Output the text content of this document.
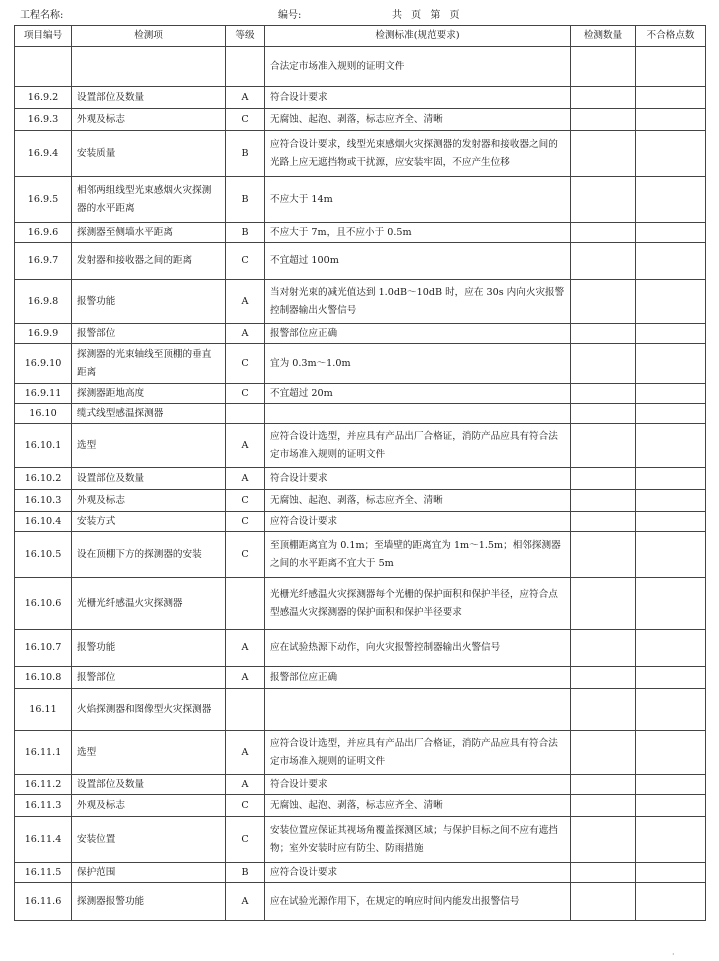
工程名称:	编号:	共 页 第 页
项目编号	检测项	等级	检测标准(规范要求)	检测数量	不合格点数
			合法定市场准入规则的证明文件		
16.9.2	设置部位及数量	A	符合设计要求		
16.9.3	外观及标志	C	无腐蚀、起泡、剥落，标志应齐全、清晰		
16.9.4	安装质量	B	应符合设计要求，线型光束感烟火灾探测器的发射器和接收器之间的光路上应无遮挡物或干扰源，应安装牢固，不应产生位移		
16.9.5	相邻两组线型光束感烟火灾探测器的水平距离	B	不应大于 14m		
16.9.6	探测器至侧墙水平距离	B	不应大于 7m，且不应小于 0.5m		
16.9.7	发射器和接收器之间的距离	C	不宜超过 100m		
16.9.8	报警功能	A	当对射光束的减光值达到 1.0dB～10dB 时，应在 30s 内向火灾报警控制器输出火警信号		
16.9.9	报警部位	A	报警部位应正确		
16.9.10	探测器的光束轴线至顶棚的垂直距离	C	宜为 0.3m～1.0m		
16.9.11	探测器距地高度	C	不宜超过 20m		
16.10	缆式线型感温探测器				
16.10.1	选型	A	应符合设计选型，并应具有产品出厂合格证，消防产品应具有符合法定市场准入规则的证明文件		
16.10.2	设置部位及数量	A	符合设计要求		
16.10.3	外观及标志	C	无腐蚀、起泡、剥落，标志应齐全、清晰		
16.10.4	安装方式	C	应符合设计要求		
16.10.5	设在顶棚下方的探测器的安装	C	至顶棚距离宜为 0.1m；至墙壁的距离宜为 1m～1.5m；相邻探测器之间的水平距离不宜大于 5m		
16.10.6	光栅光纤感温火灾探测器		光栅光纤感温火灾探测器每个光栅的保护面积和保护半径，应符合点型感温火灾探测器的保护面积和保护半径要求		
16.10.7	报警功能	A	应在试验热源下动作，向火灾报警控制器输出火警信号		
16.10.8	报警部位	A	报警部位应正确		
16.11	火焰探测器和图像型火灾探测器				
16.11.1	选型	A	应符合设计选型，并应具有产品出厂合格证，消防产品应具有符合法定市场准入规则的证明文件		
16.11.2	设置部位及数量	A	符合设计要求		
16.11.3	外观及标志	C	无腐蚀、起泡、剥落，标志应齐全、清晰		
16.11.4	安装位置	C	安装位置应保证其视场角覆盖探测区域；与保护目标之间不应有遮挡物；室外安装时应有防尘、防雨措施		
16.11.5	保护范围	B	应符合设计要求		
16.11.6	探测器报警功能	A	应在试验光源作用下，在规定的响应时间内能发出报警信号		
·
